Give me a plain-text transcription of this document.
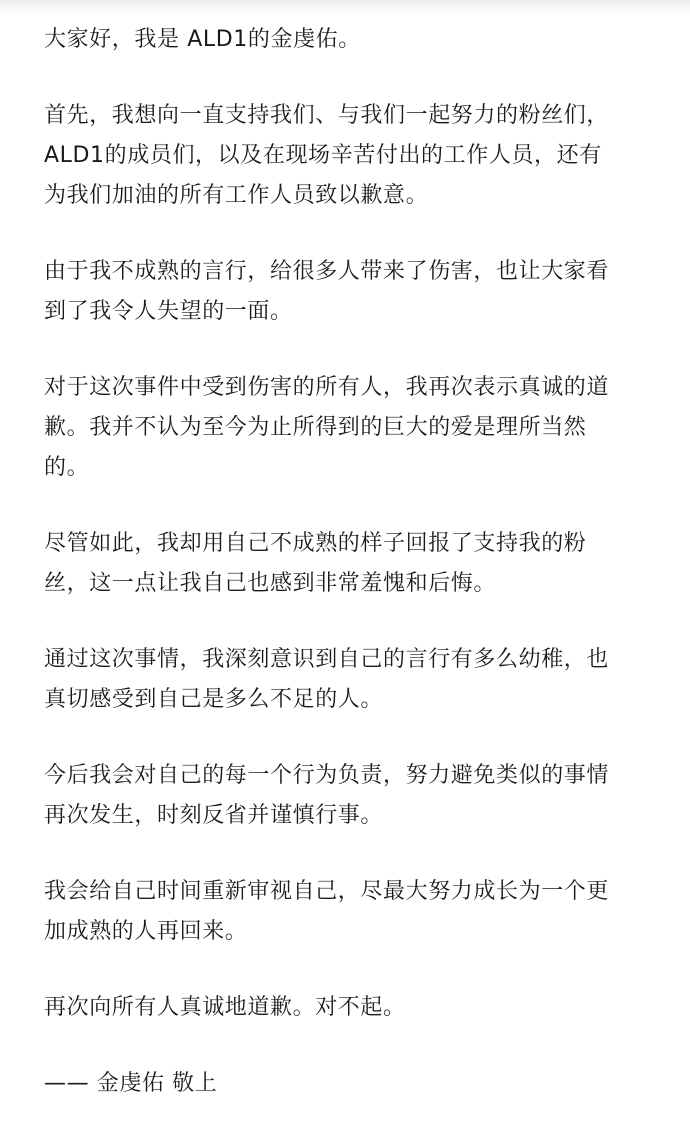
大家好，我是 ALD1的金虔佑。

首先，我想向一直支持我们、与我们一起努力的粉丝们，
ALD1的成员们，以及在现场辛苦付出的工作人员，还有
为我们加油的所有工作人员致以歉意。

由于我不成熟的言行，给很多人带来了伤害，也让大家看
到了我令人失望的一面。

对于这次事件中受到伤害的所有人，我再次表示真诚的道
歉。我并不认为至今为止所得到的巨大的爱是理所当然
的。

尽管如此，我却用自己不成熟的样子回报了支持我的粉
丝，这一点让我自己也感到非常羞愧和后悔。

通过这次事情，我深刻意识到自己的言行有多么幼稚，也
真切感受到自己是多么不足的人。

今后我会对自己的每一个行为负责，努力避免类似的事情
再次发生，时刻反省并谨慎行事。

我会给自己时间重新审视自己，尽最大努力成长为一个更
加成熟的人再回来。

再次向所有人真诚地道歉。对不起。

—— 金虔佑 敬上
